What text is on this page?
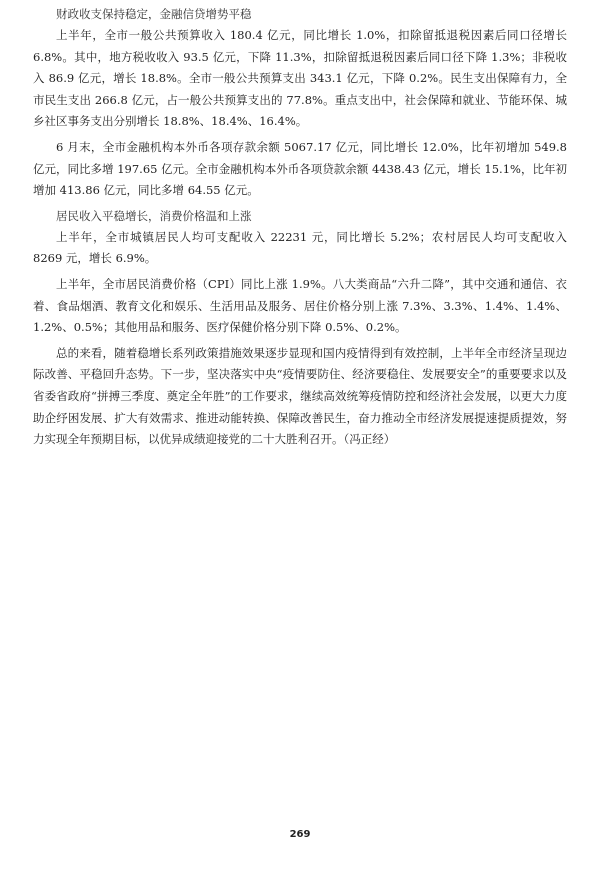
财政收支保持稳定，金融信贷增势平稳

上半年，全市一般公共预算收入 180.4 亿元，同比增长 1.0%，扣除留抵退税因素后同口径增长 6.8%。其中，地方税收收入 93.5 亿元，下降 11.3%，扣除留抵退税因素后同口径下降 1.3%；非税收入 86.9 亿元，增长 18.8%。全市一般公共预算支出 343.1 亿元，下降 0.2%。民生支出保障有力，全市民生支出 266.8 亿元，占一般公共预算支出的 77.8%。重点支出中，社会保障和就业、节能环保、城乡社区事务支出分别增长 18.8%、18.4%、16.4%。

6 月末，全市金融机构本外币各项存款余额 5067.17 亿元，同比增长 12.0%，比年初增加 549.8 亿元，同比多增 197.65 亿元。全市金融机构本外币各项贷款余额 4438.43 亿元，增长 15.1%，比年初增加 413.86 亿元，同比多增 64.55 亿元。

居民收入平稳增长，消费价格温和上涨

上半年，全市城镇居民人均可支配收入 22231 元，同比增长 5.2%；农村居民人均可支配收入 8269 元，增长 6.9%。

上半年，全市居民消费价格（CPI）同比上涨 1.9%。八大类商品“六升二降”，其中交通和通信、衣着、食品烟酒、教育文化和娱乐、生活用品及服务、居住价格分别上涨 7.3%、3.3%、1.4%、1.4%、1.2%、0.5%；其他用品和服务、医疗保健价格分别下降 0.5%、0.2%。

总的来看，随着稳增长系列政策措施效果逐步显现和国内疫情得到有效控制，上半年全市经济呈现边际改善、平稳回升态势。下一步，坚决落实中央“疫情要防住、经济要稳住、发展要安全”的重要要求以及省委省政府“拼搏三季度、奠定全年胜”的工作要求，继续高效统筹疫情防控和经济社会发展，以更大力度助企纾困发展、扩大有效需求、推进动能转换、保障改善民生，奋力推动全市经济发展提速提质提效，努力实现全年预期目标，以优异成绩迎接党的二十大胜利召开。（冯正经）

269
